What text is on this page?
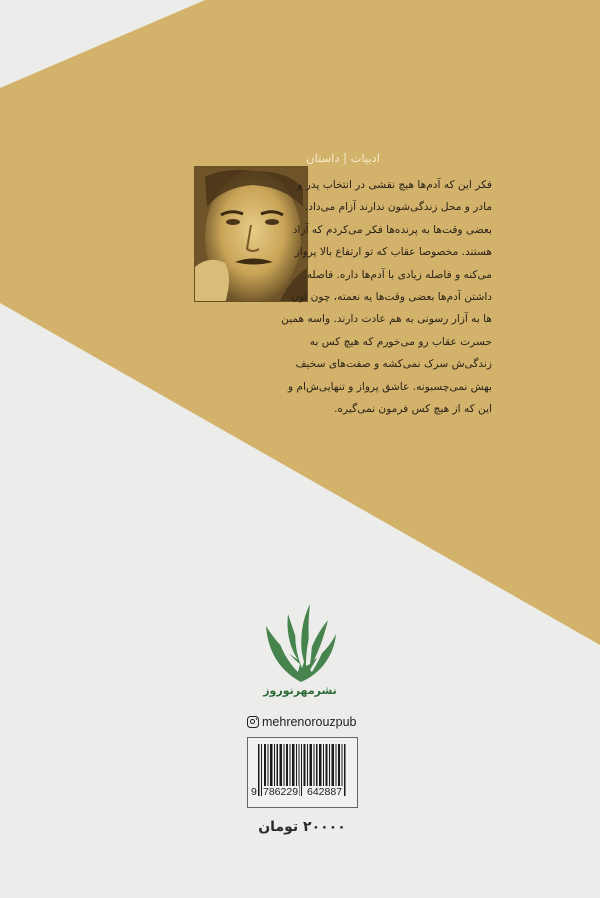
ادبیات | داستان
فکر این که آدم‌ها هیچ نقشی در انتخاب پدر و
مادر و محل زندگی‌شون ندارند آزام می‌داد.
بعضی وقت‌ها به پرنده‌ها فکر می‌کردم که آزاد
هستند. مخصوصا عقاب که تو ارتفاع بالا پرواز
می‌کنه و فاصله زیادی با آدم‌ها داره. فاصله
داشتن آدم‌ها بعضی وقت‌ها یه نعمته، چون اون
ها به آزار رسونی به هم عادت دارند. واسه همین
حسرت عقاب رو می‌خورم که هیچ کس به
زندگی‌ش سرک نمی‌کشه و صفت‌های سخیف
بهش نمی‌چسبونه. عاشق پرواز و تنهایی‌ش‌ام و
این که از هیچ کس فرمون نمی‌گیره.
نشرمهرنوروز
mehrenorouzpub
9 786229 642887
۲۰۰۰۰ تومان
